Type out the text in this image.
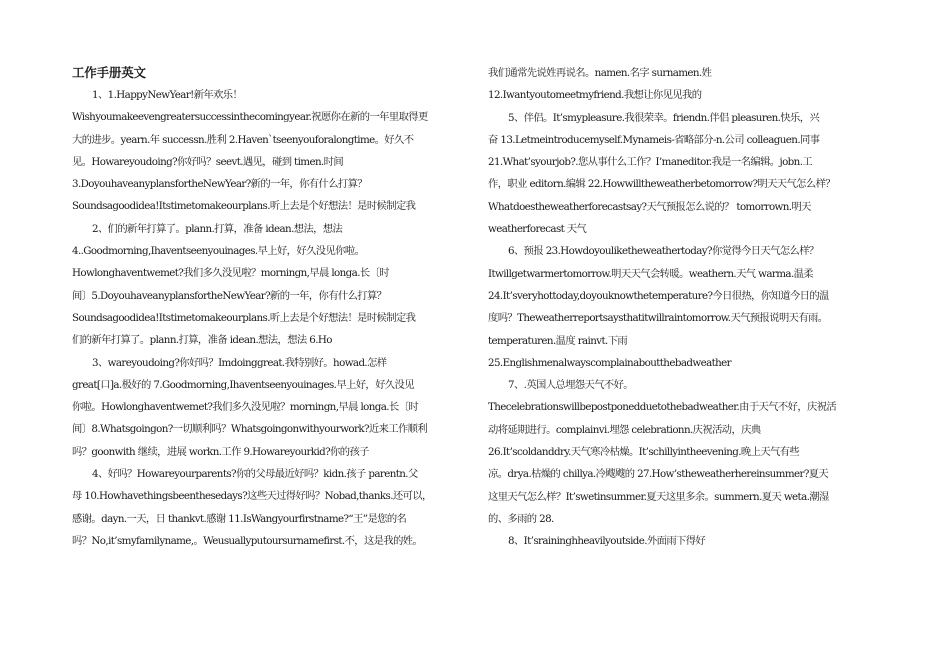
工作手册英文
1、1.HappyNewYear!新年欢乐！
Wishyoumakeevengreatersuccessinthecomingyear.祝愿你在新的一年里取得更
大的进步。yearn.年 successn.胜利 2.Haven`tseenyouforalongtime。好久不
见。Howareyoudoing?你好吗？seevt.遇见，碰到 timen.时间
3.DoyouhaveanyplansfortheNewYear?新的一年，你有什么打算？
Soundsagoodidea!Itstimetomakeourplans.听上去是个好想法！是时候制定我
2、们的新年打算了。plann.打算，准备 idean.想法，想法
4..Goodmorning,Ihaventseenyouinages.早上好，好久没见你啦。
Howlonghaventwemet?我们多久没见啦？morningn,早晨 longa.长〔时
间〕5.DoyouhaveanyplansfortheNewYear?新的一年，你有什么打算？
Soundsagoodidea!Itstimetomakeourplans.听上去是个好想法！是时候制定我
们的新年打算了。plann.打算，准备 idean.想法，想法 6.Ho
3、wareyoudoing?你好吗？Imdoinggreat.我特别好。howad.怎样
great[口]a.极好的 7.Goodmorning,Ihaventseenyouinages.早上好，好久没见
你啦。Howlonghaventwemet?我们多久没见啦？morningn,早晨 longa.长〔时
间〕8.Whatsgoingon?一切顺利吗？Whatsgoingonwithyourwork?近来工作顺利
吗？goonwith 继续，进展 workn.工作 9.Howareyourkid?你的孩子
4、好吗？Howareyourparents?你的父母最近好吗？kidn.孩子 parentn.父
母 10.Howhavethingsbeenthesedays?这些天过得好吗？Nobad,thanks.还可以，
感谢。dayn.一天，日 thankvt.感谢 11.IsWangyourfirstname?“王”是您的名
吗？No,it’smyfamilyname,。Weusuallyputoursurnamefirst.不，这是我的姓。
我们通常先说姓再说名。namen.名字 surnamen.姓
12.Iwantyoutomeetmyfriend.我想让你见见我的
5、伴侣。It’smypleasure.我很荣幸。friendn.伴侣 pleasuren.快乐，兴
奋 13.Letmeintroducemyself.Mynameis-省略部分-n.公司 colleaguen.同事
21.What’syourjob?.您从事什么工作？I’maneditor.我是一名编辑。jobn.工
作，职业 editorn.编辑 22.Howwilltheweatherbetomorrow?明天天气怎么样？
Whatdoestheweatherforecastsay?天气预报怎么说的？ tomorrown.明天
weatherforecast 天气
6、预报 23.Howdoyouliketheweathertoday?你觉得今日天气怎么样？
Itwillgetwarmertomorrow.明天天气会转暖。weathern.天气 warma.温柔
24.It’sveryhottoday,doyouknowthetemperature?今日很热，你知道今日的温
度吗？Theweatherreportsaysthatitwillraintomorrow.天气预报说明天有雨。
temperaturen.温度 rainvt.下雨
25.Englishmenalwayscomplainaboutthebadweather
7、.英国人总埋怨天气不好。
Thecelebrationswillbepostponedduetothebadweather.由于天气不好，庆祝活
动将延期进行。complainvi.埋怨 celebrationn.庆祝活动，庆典
26.It’scoldanddry.天气寒冷枯燥。It’schillyintheevening.晚上天气有些
凉。drya.枯燥的 chillya.冷飕飕的 27.How’stheweatherhereinsummer?夏天
这里天气怎么样？It’swetinsummer.夏天这里多余。summern.夏天 weta.潮湿
的、多雨的 28.
8、It’sraininghheavilyoutside.外面雨下得好
